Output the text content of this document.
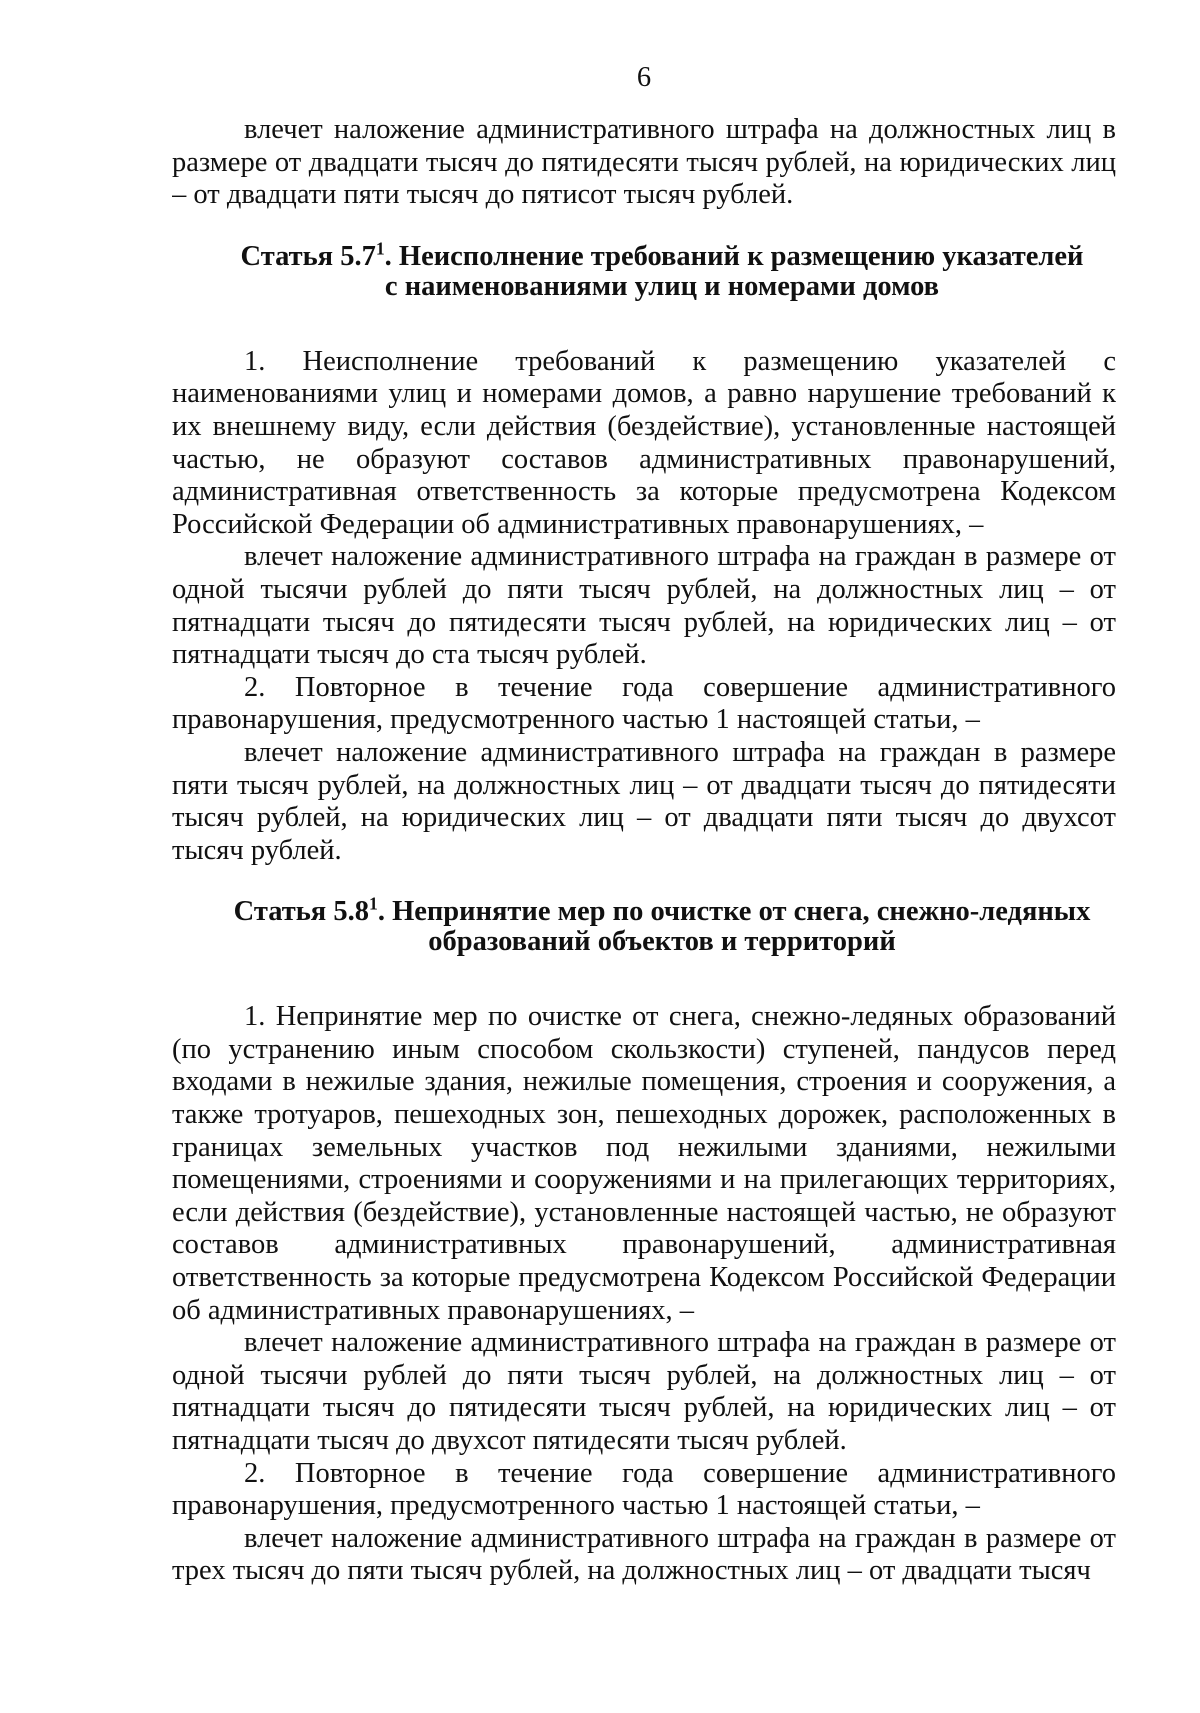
6

влечет наложение административного штрафа на должностных лиц в размере от двадцати тысяч до пятидесяти тысяч рублей, на юридических лиц – от двадцати пяти тысяч до пятисот тысяч рублей.

Статья $5.7^1$. Неисполнение требований к размещению указателей
с наименованиями улиц и номерами домов

1. Неисполнение требований к размещению указателей с наименованиями улиц и номерами домов, а равно нарушение требований к их внешнему виду, если действия (бездействие), установленные настоящей частью, не образуют составов административных правонарушений, административная ответственность за которые предусмотрена Кодексом Российской Федерации об административных правонарушениях, –

влечет наложение административного штрафа на граждан в размере от одной тысячи рублей до пяти тысяч рублей, на должностных лиц – от пятнадцати тысяч до пятидесяти тысяч рублей, на юридических лиц – от пятнадцати тысяч до ста тысяч рублей.

2. Повторное в течение года совершение административного правонарушения, предусмотренного частью 1 настоящей статьи, –

влечет наложение административного штрафа на граждан в размере пяти тысяч рублей, на должностных лиц – от двадцати тысяч до пятидесяти тысяч рублей, на юридических лиц – от двадцати пяти тысяч до двухсот тысяч рублей.

Статья $5.8^1$. Непринятие мер по очистке от снега, снежно-ледяных
образований объектов и территорий

1. Непринятие мер по очистке от снега, снежно-ледяных образований (по устранению иным способом скользкости) ступеней, пандусов перед входами в нежилые здания, нежилые помещения, строения и сооружения, а также тротуаров, пешеходных зон, пешеходных дорожек, расположенных в границах земельных участков под нежилыми зданиями, нежилыми помещениями, строениями и сооружениями и на прилегающих территориях, если действия (бездействие), установленные настоящей частью, не образуют составов административных правонарушений, административная ответственность за которые предусмотрена Кодексом Российской Федерации об административных правонарушениях, –

влечет наложение административного штрафа на граждан в размере от одной тысячи рублей до пяти тысяч рублей, на должностных лиц – от пятнадцати тысяч до пятидесяти тысяч рублей, на юридических лиц – от пятнадцати тысяч до двухсот пятидесяти тысяч рублей.

2. Повторное в течение года совершение административного правонарушения, предусмотренного частью 1 настоящей статьи, –

влечет наложение административного штрафа на граждан в размере от трех тысяч до пяти тысяч рублей, на должностных лиц – от двадцати тысяч
